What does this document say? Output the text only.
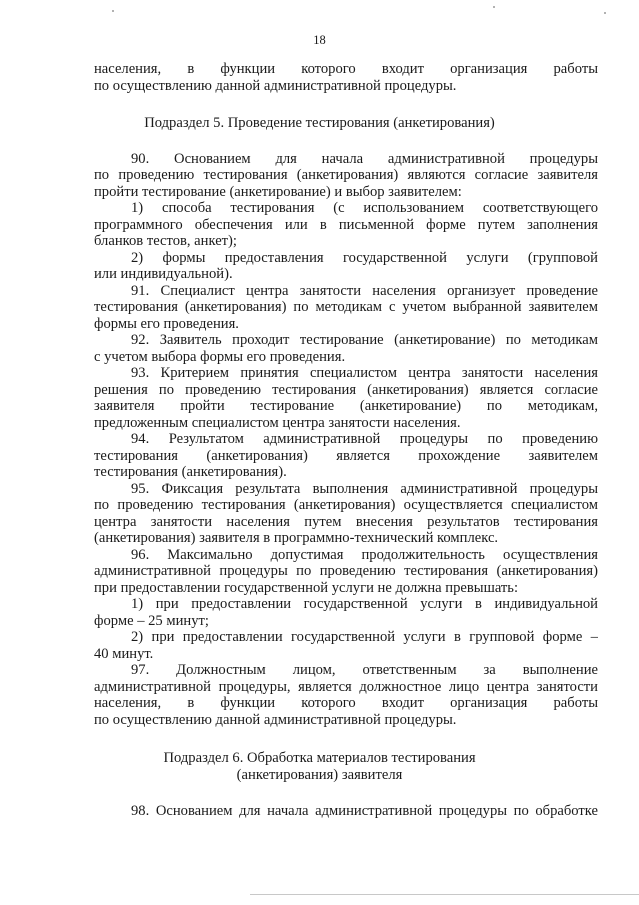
18
населения, в функции которого входит организация работы
по осуществлению данной административной процедуры.
Подраздел 5. Проведение тестирования (анкетирования)
90. Основанием для начала административной процедуры
по проведению тестирования (анкетирования) являются согласие заявителя
пройти тестирование (анкетирование) и выбор заявителем:
1) способа тестирования (с использованием соответствующего
программного обеспечения или в письменной форме путем заполнения
бланков тестов, анкет);
2) формы предоставления государственной услуги (групповой
или индивидуальной).
91. Специалист центра занятости населения организует проведение
тестирования (анкетирования) по методикам с учетом выбранной заявителем
формы его проведения.
92. Заявитель проходит тестирование (анкетирование) по методикам
с учетом выбора формы его проведения.
93. Критерием принятия специалистом центра занятости населения
решения по проведению тестирования (анкетирования) является согласие
заявителя пройти тестирование (анкетирование) по методикам,
предложенным специалистом центра занятости населения.
94. Результатом административной процедуры по проведению
тестирования (анкетирования) является прохождение заявителем
тестирования (анкетирования).
95. Фиксация результата выполнения административной процедуры
по проведению тестирования (анкетирования) осуществляется специалистом
центра занятости населения путем внесения результатов тестирования
(анкетирования) заявителя в программно-технический комплекс.
96. Максимально допустимая продолжительность осуществления
административной процедуры по проведению тестирования (анкетирования)
при предоставлении государственной услуги не должна превышать:
1) при предоставлении государственной услуги в индивидуальной
форме – 25 минут;
2) при предоставлении государственной услуги в групповой форме –
40 минут.
97. Должностным лицом, ответственным за выполнение
административной процедуры, является должностное лицо центра занятости
населения, в функции которого входит организация работы
по осуществлению данной административной процедуры.
Подраздел 6. Обработка материалов тестирования
(анкетирования) заявителя
98. Основанием для начала административной процедуры по обработке
